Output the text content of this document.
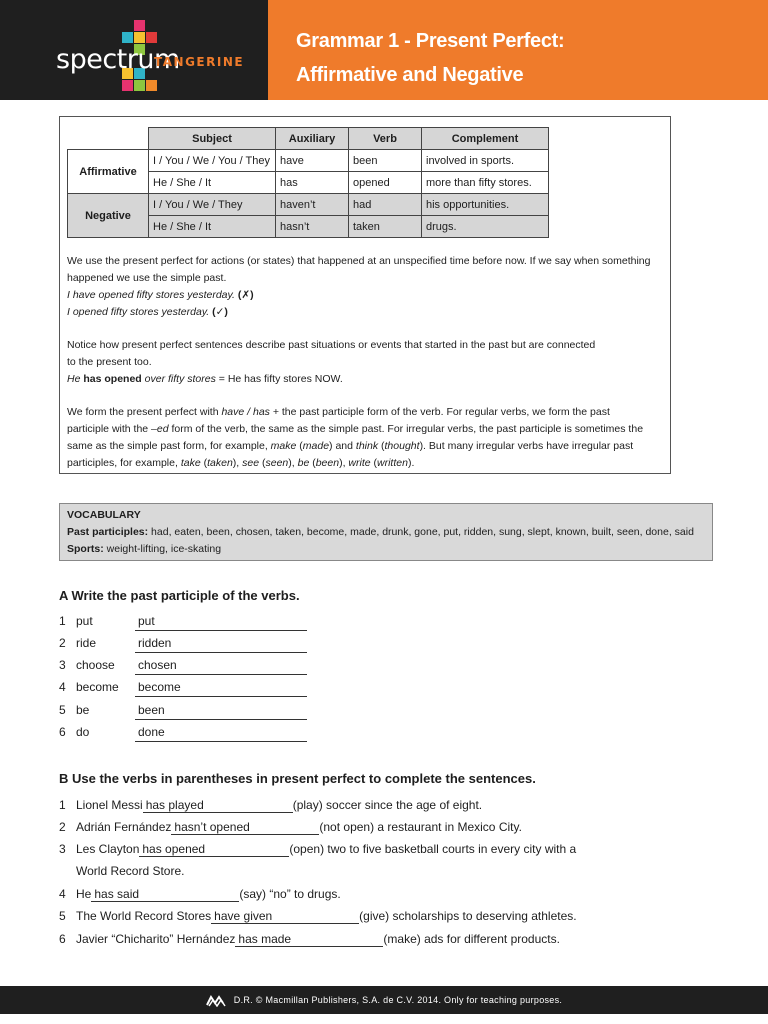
spectrum
TANGERINE
Grammar 1 - Present Perfect:
Affirmative and Negative
	Subject	Auxiliary	Verb	Complement
Affirmative	I / You / We / You / They	have	been	involved in sports.
	He / She / It	has	opened	more than fifty stores.
Negative	I / You / We / They	haven’t	had	his opportunities.
	He / She / It	hasn’t	taken	drugs.
We use the present perfect for actions (or states) that happened at an unspecified time before now. If we say when something
happened we use the simple past.
I have opened fifty stores yesterday. (✗)
I opened fifty stores yesterday. (✓)
Notice how present perfect sentences describe past situations or events that started in the past but are connected
to the present too.
He has opened over fifty stores = He has fifty stores NOW.
We form the present perfect with have / has + the past participle form of the verb. For regular verbs, we form the past
participle with the –ed form of the verb, the same as the simple past. For irregular verbs, the past participle is sometimes the
same as the simple past form, for example, make (made) and think (thought). But many irregular verbs have irregular past
participles, for example, take (taken), see (seen), be (been), write (written).
VOCABULARY
Past participles: had, eaten, been, chosen, taken, become, made, drunk, gone, put, ridden, sung, slept, known, built, seen, done, said
Sports: weight-lifting, ice-skating
A Write the past participle of the verbs.
1 put	put
2 ride	ridden
3 choose chosen
4 become become
5 be	been
6 do	done
B Use the verbs in parentheses in present perfect to complete the sentences.
1 Lionel Messi has played	(play) soccer since the age of eight.
2 Adrián Fernández hasn’t opened	(not open) a restaurant in Mexico City.
3 Les Clayton has opened	(open) two to five basketball courts in every city with a
World Record Store.
4 He has said	(say) “no” to drugs.
5 The World Record Stores have given	(give) scholarships to deserving athletes.
6 Javier “Chicharito” Hernández has made	(make) ads for different products.
D.R. © Macmillan Publishers, S.A. de C.V. 2014. Only for teaching purposes.
